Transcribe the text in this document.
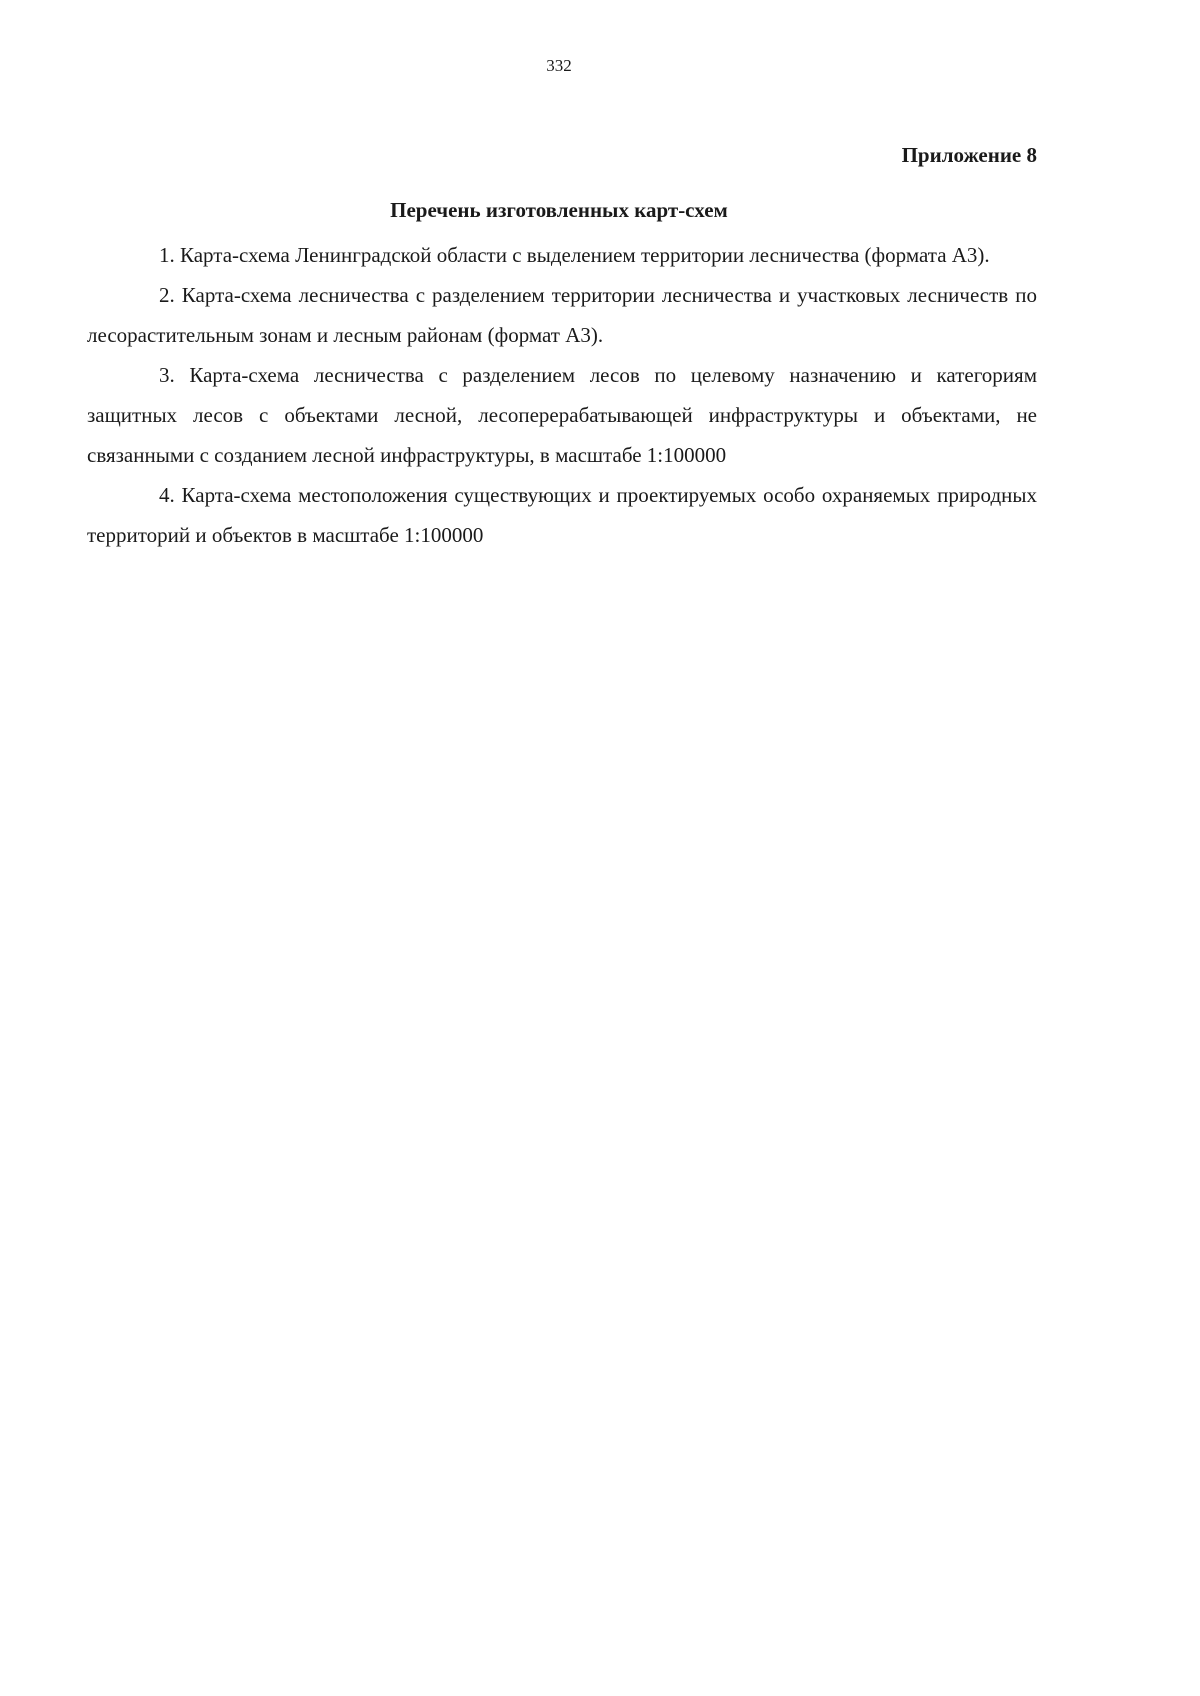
332
Приложение 8
Перечень изготовленных карт-схем
1. Карта-схема Ленинградской области с выделением территории лесничества (формата А3).
2. Карта-схема лесничества с разделением территории лесничества и участковых лесничеств по лесорастительным зонам и лесным районам (формат А3).
3. Карта-схема лесничества с разделением лесов по целевому назначению и категориям защитных лесов с объектами лесной, лесоперерабатывающей инфраструктуры и объектами, не связанными с созданием лесной инфраструктуры, в масштабе 1:100000
4. Карта-схема местоположения существующих и проектируемых особо охраняемых природных территорий и объектов в масштабе 1:100000
